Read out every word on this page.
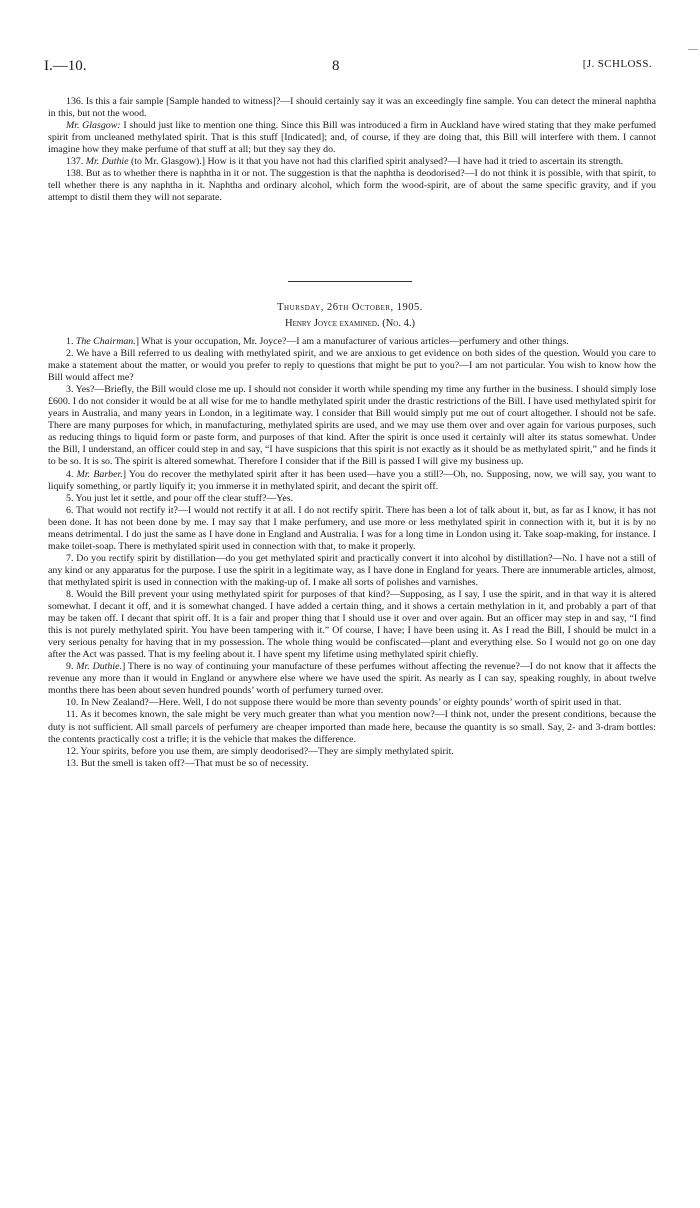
I.—10.	8	[J. SCHLOSS.
—

136. Is this a fair sample [Sample handed to witness]?—I should certainly say it was an exceedingly fine sample. You can detect the mineral naphtha in this, but not the wood.

Mr. Glasgow: I should just like to mention one thing. Since this Bill was introduced a firm in Auckland have wired stating that they make perfumed spirit from uncleaned methylated spirit. That is this stuff [Indicated]; and, of course, if they are doing that, this Bill will interfere with them. I cannot imagine how they make perfume of that stuff at all; but they say they do.

137. Mr. Duthie (to Mr. Glasgow).] How is it that you have not had this clarified spirit analysed?—I have had it tried to ascertain its strength.

138. But as to whether there is naphtha in it or not. The suggestion is that the naphtha is deodorised?—I do not think it is possible, with that spirit, to tell whether there is any naphtha in it. Naphtha and ordinary alcohol, which form the wood-spirit, are of about the same specific gravity, and if you attempt to distil them they will not separate.

Thursday, 26th October, 1905.
Henry Joyce examined. (No. 4.)

1. The Chairman.] What is your occupation, Mr. Joyce?—I am a manufacturer of various articles—perfumery and other things.

2. We have a Bill referred to us dealing with methylated spirit, and we are anxious to get evidence on both sides of the question. Would you care to make a statement about the matter, or would you prefer to reply to questions that might be put to you?—I am not particular. You wish to know how the Bill would affect me?

3. Yes?—Briefly, the Bill would close me up. I should not consider it worth while spending my time any further in the business. I should simply lose £600. I do not consider it would be at all wise for me to handle methylated spirit under the drastic restrictions of the Bill. I have used methylated spirit for years in Australia, and many years in London, in a legitimate way. I consider that Bill would simply put me out of court altogether. I should not be safe. There are many purposes for which, in manufacturing, methylated spirits are used, and we may use them over and over again for various purposes, such as reducing things to liquid form or paste form, and purposes of that kind. After the spirit is once used it certainly will alter its status somewhat. Under the Bill, I understand, an officer could step in and say, “I have suspicions that this spirit is not exactly as it should be as methylated spirit,” and he finds it to be so. It is so. The spirit is altered somewhat. Therefore I consider that if the Bill is passed I will give my business up.

4. Mr. Barber.] You do recover the methylated spirit after it has been used—have you a still?—Oh, no. Supposing, now, we will say, you want to liquify something, or partly liquify it; you immerse it in methylated spirit, and decant the spirit off.

5. You just let it settle, and pour off the clear stuff?—Yes.

6. That would not rectify it?—I would not rectify it at all. I do not rectify spirit. There has been a lot of talk about it, but, as far as I know, it has not been done. It has not been done by me. I may say that I make perfumery, and use more or less methylated spirit in connection with it, but it is by no means detrimental. I do just the same as I have done in England and Australia. I was for a long time in London using it. Take soap-making, for instance. I make toilet-soap. There is methylated spirit used in connection with that, to make it properly.

7. Do you rectify spirit by distillation—do you get methylated spirit and practically convert it into alcohol by distillation?—No. I have not a still of any kind or any apparatus for the purpose. I use the spirit in a legitimate way, as I have done in England for years. There are innumerable articles, almost, that methylated spirit is used in connection with the making-up of. I make all sorts of polishes and varnishes.

8. Would the Bill prevent your using methylated spirit for purposes of that kind?—Supposing, as I say, I use the spirit, and in that way it is altered somewhat. I decant it off, and it is somewhat changed. I have added a certain thing, and it shows a certain methylation in it, and probably a part of that may be taken off. I decant that spirit off. It is a fair and proper thing that I should use it over and over again. But an officer may step in and say, “I find this is not purely methylated spirit. You have been tampering with it.” Of course, I have; I have been using it. As I read the Bill, I should be mulct in a very serious penalty for having that in my possession. The whole thing would be confiscated—plant and everything else. So I would not go on one day after the Act was passed. That is my feeling about it. I have spent my lifetime using methylated spirit chiefly.

9. Mr. Duthie.] There is no way of continuing your manufacture of these perfumes without affecting the revenue?—I do not know that it affects the revenue any more than it would in England or anywhere else where we have used the spirit. As nearly as I can say, speaking roughly, in about twelve months there has been about seven hundred pounds’ worth of perfumery turned over.

10. In New Zealand?—Here. Well, I do not suppose there would be more than seventy pounds’ or eighty pounds’ worth of spirit used in that.

11. As it becomes known, the sale might be very much greater than what you mention now?—I think not, under the present conditions, because the duty is not sufficient. All small parcels of perfumery are cheaper imported than made here, because the quantity is so small. Say, 2- and 3-dram bottles: the contents practically cost a trifle; it is the vehicle that makes the difference.

12. Your spirits, before you use them, are simply deodorised?—They are simply methylated spirit.

13. But the smell is taken off?—That must be so of necessity.
